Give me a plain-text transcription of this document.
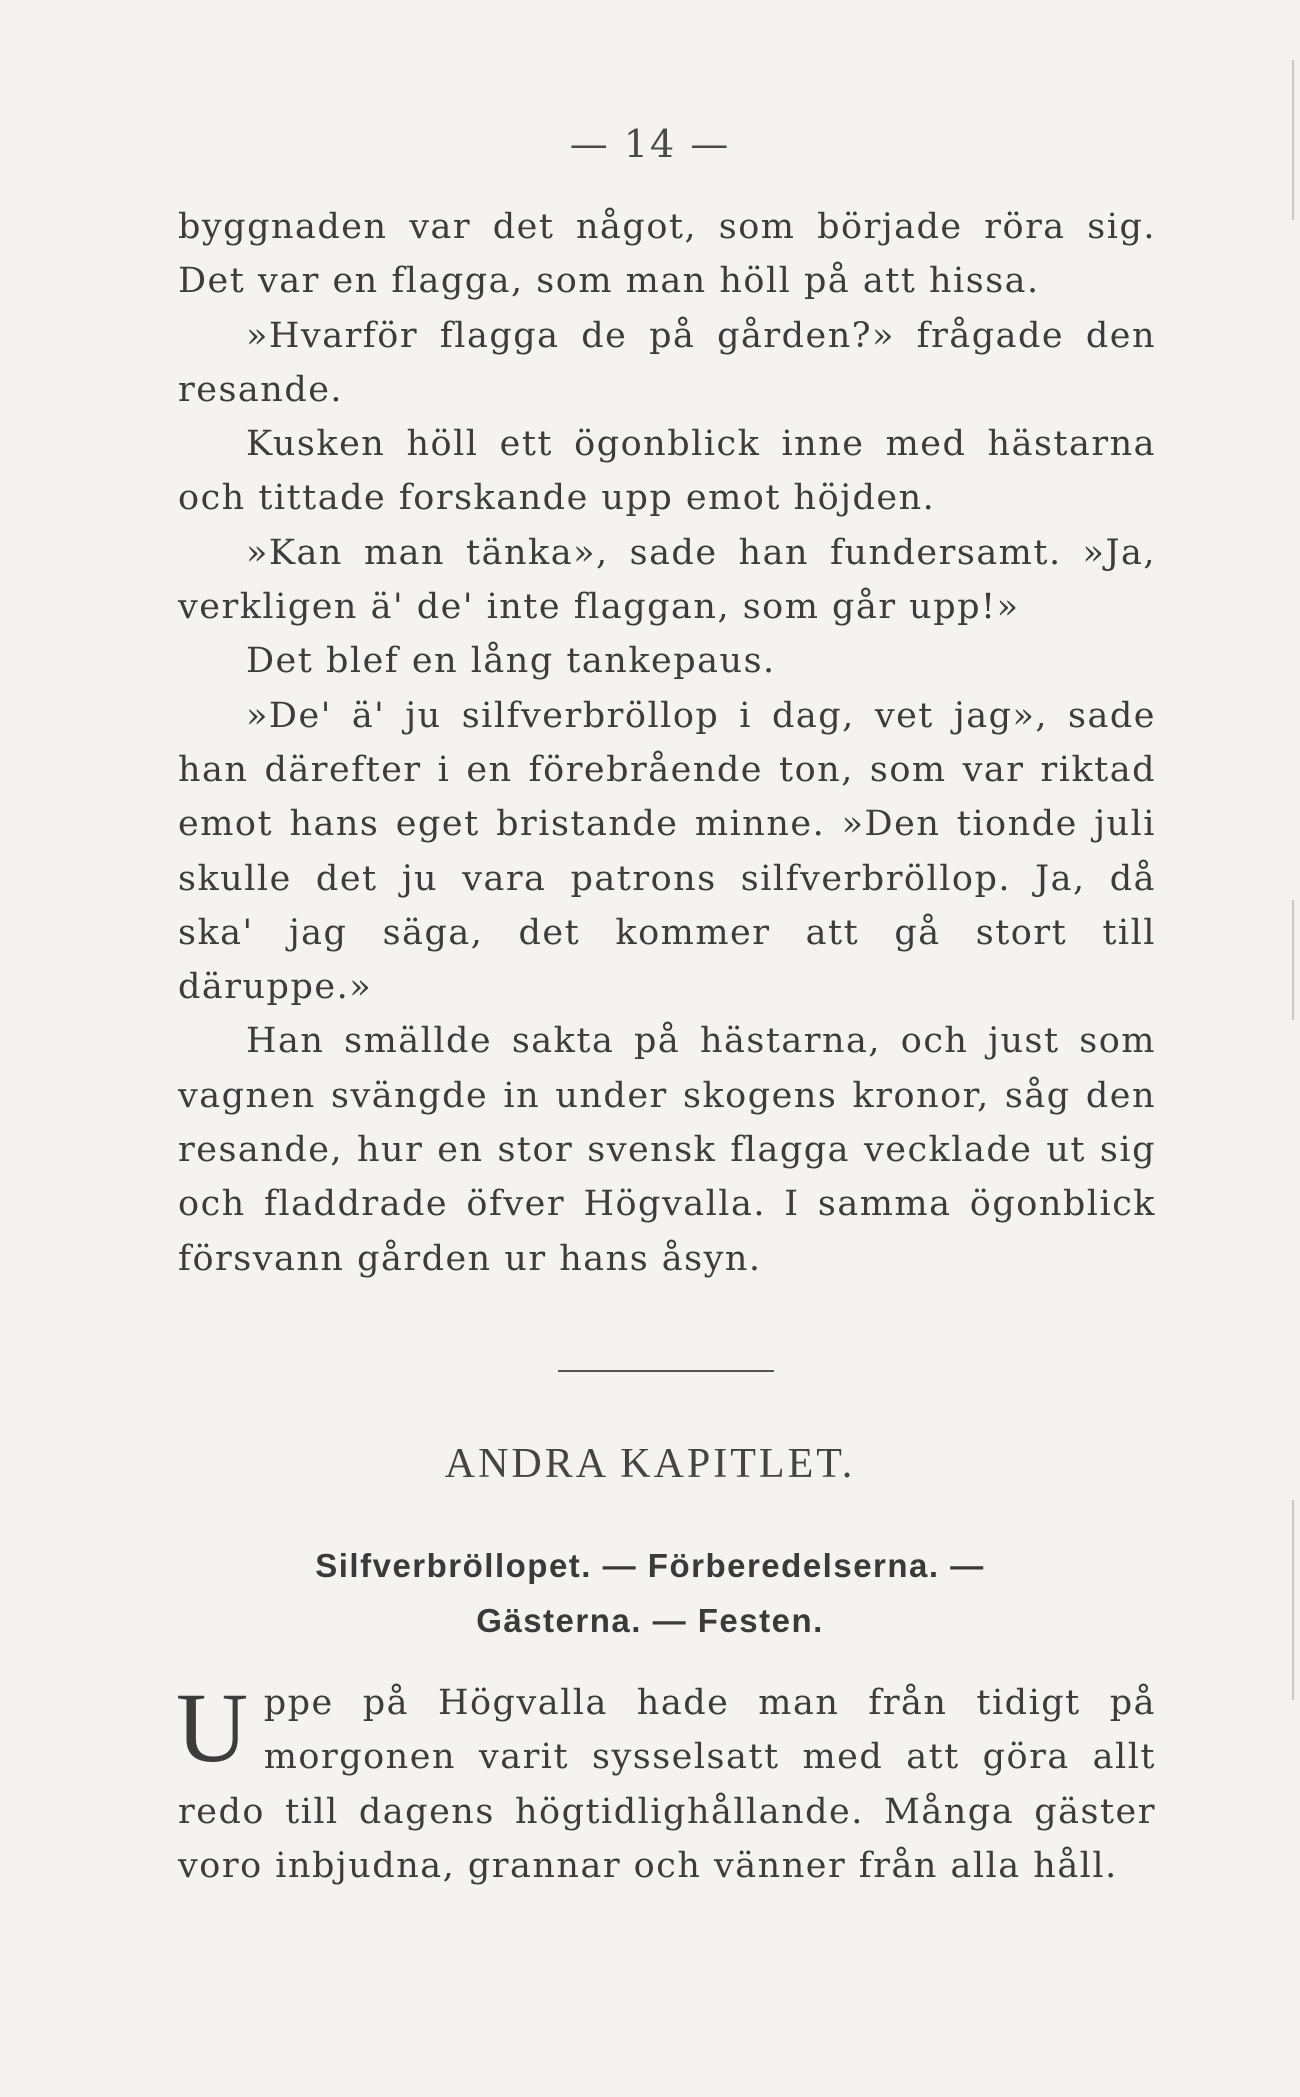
— 14 —

byggnaden var det något, som började röra sig. Det var en flagga, som man höll på att hissa.

»Hvarför flagga de på gården?» frågade den resande.

Kusken höll ett ögonblick inne med hästarna och tittade forskande upp emot höjden.

»Kan man tänka», sade han fundersamt. »Ja, verkligen ä' de' inte flaggan, som går upp!»

Det blef en lång tankepaus.

»De' ä' ju silfverbröllop i dag, vet jag», sade han därefter i en förebrående ton, som var riktad emot hans eget bristande minne. »Den tionde juli skulle det ju vara patrons silfverbröllop. Ja, då ska' jag säga, det kommer att gå stort till däruppe.»

Han smällde sakta på hästarna, och just som vagnen svängde in under skogens kronor, såg den resande, hur en stor svensk flagga vecklade ut sig och fladdrade öfver Högvalla. I samma ögonblick försvann gården ur hans åsyn.

ANDRA KAPITLET.
Silfverbröllopet. — Förberedelserna. —
Gästerna. — Festen.
U ppe på Högvalla hade man från tidigt på morgonen varit sysselsatt med att göra allt redo till dagens högtidlighållande. Många gäster voro inbjudna, grannar och vänner från alla håll.
